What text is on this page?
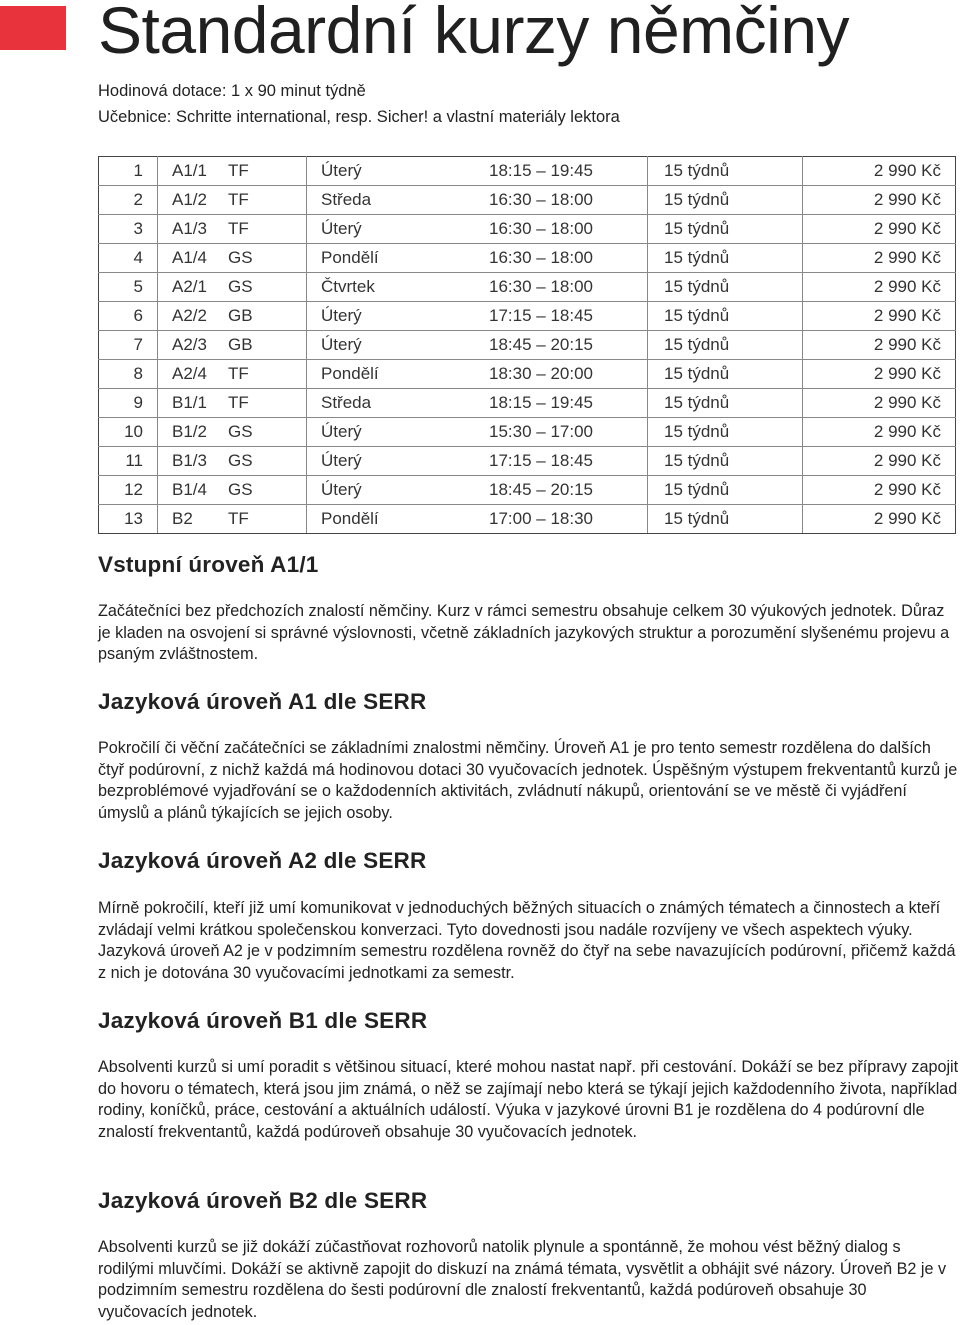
Standardní kurzy němčiny
Hodinová dotace: 1 x 90 minut týdně
Učebnice: Schritte international, resp. Sicher! a vlastní materiály lektora
1	A1/1	TF	Úterý	18:15 – 19:45	15 týdnů	2 990 Kč
2	A1/2	TF	Středa	16:30 – 18:00	15 týdnů	2 990 Kč
3	A1/3	TF	Úterý	16:30 – 18:00	15 týdnů	2 990 Kč
4	A1/4	GS	Pondělí	16:30 – 18:00	15 týdnů	2 990 Kč
5	A2/1	GS	Čtvrtek	16:30 – 18:00	15 týdnů	2 990 Kč
6	A2/2	GB	Úterý	17:15 – 18:45	15 týdnů	2 990 Kč
7	A2/3	GB	Úterý	18:45 – 20:15	15 týdnů	2 990 Kč
8	A2/4	TF	Pondělí	18:30 – 20:00	15 týdnů	2 990 Kč
9	B1/1	TF	Středa	18:15 – 19:45	15 týdnů	2 990 Kč
10	B1/2	GS	Úterý	15:30 – 17:00	15 týdnů	2 990 Kč
11	B1/3	GS	Úterý	17:15 – 18:45	15 týdnů	2 990 Kč
12	B1/4	GS	Úterý	18:45 – 20:15	15 týdnů	2 990 Kč
13	B2	TF	Pondělí	17:00 – 18:30	15 týdnů	2 990 Kč
Vstupní úroveň A1/1

Začátečníci bez předchozích znalostí němčiny. Kurz v rámci semestru obsahuje celkem 30 výukových jednotek. Důraz je kladen na osvojení si správné výslovnosti, včetně základních jazykových struktur a porozumění slyšenému projevu a psaným zvláštnostem.

Jazyková úroveň A1 dle SERR

Pokročilí či věční začátečníci se základními znalostmi němčiny. Úroveň A1 je pro tento semestr rozdělena do dalších čtyř podúrovní, z nichž každá má hodinovou dotaci 30 vyučovacích jednotek. Úspěšným výstupem frekventantů kurzů je bezproblémové vyjadřování se o každodenních aktivitách, zvládnutí nákupů, orientování se ve městě či vyjádření úmyslů a plánů týkajících se jejich osoby.

Jazyková úroveň A2 dle SERR

Mírně pokročilí, kteří již umí komunikovat v jednoduchých běžných situacích o známých tématech a činnostech a kteří zvládají velmi krátkou společenskou konverzaci. Tyto dovednosti jsou nadále rozvíjeny ve všech aspektech výuky. Jazyková úroveň A2 je v podzimním semestru rozdělena rovněž do čtyř na sebe navazujících podúrovní, přičemž každá z nich je dotována 30 vyučovacími jednotkami za semestr.

Jazyková úroveň B1 dle SERR

Absolventi kurzů si umí poradit s většinou situací, které mohou nastat např. při cestování. Dokáží se bez přípravy zapojit do hovoru o tématech, která jsou jim známá, o něž se zajímají nebo která se týkají jejich každodenního života, například rodiny, koníčků, práce, cestování a aktuálních událostí. Výuka v jazykové úrovni B1 je rozdělena do 4 podúrovní dle znalostí frekventantů, každá podúroveň obsahuje 30 vyučovacích jednotek.

Jazyková úroveň B2 dle SERR

Absolventi kurzů se již dokáží zúčastňovat rozhovorů natolik plynule a spontánně, že mohou vést běžný dialog s rodilými mluvčími. Dokáží se aktivně zapojit do diskuzí na známá témata, vysvětlit a obhájit své názory. Úroveň B2 je v podzimním semestru rozdělena do šesti podúrovní dle znalostí frekventantů, každá podúroveň obsahuje 30 vyučovacích jednotek.
